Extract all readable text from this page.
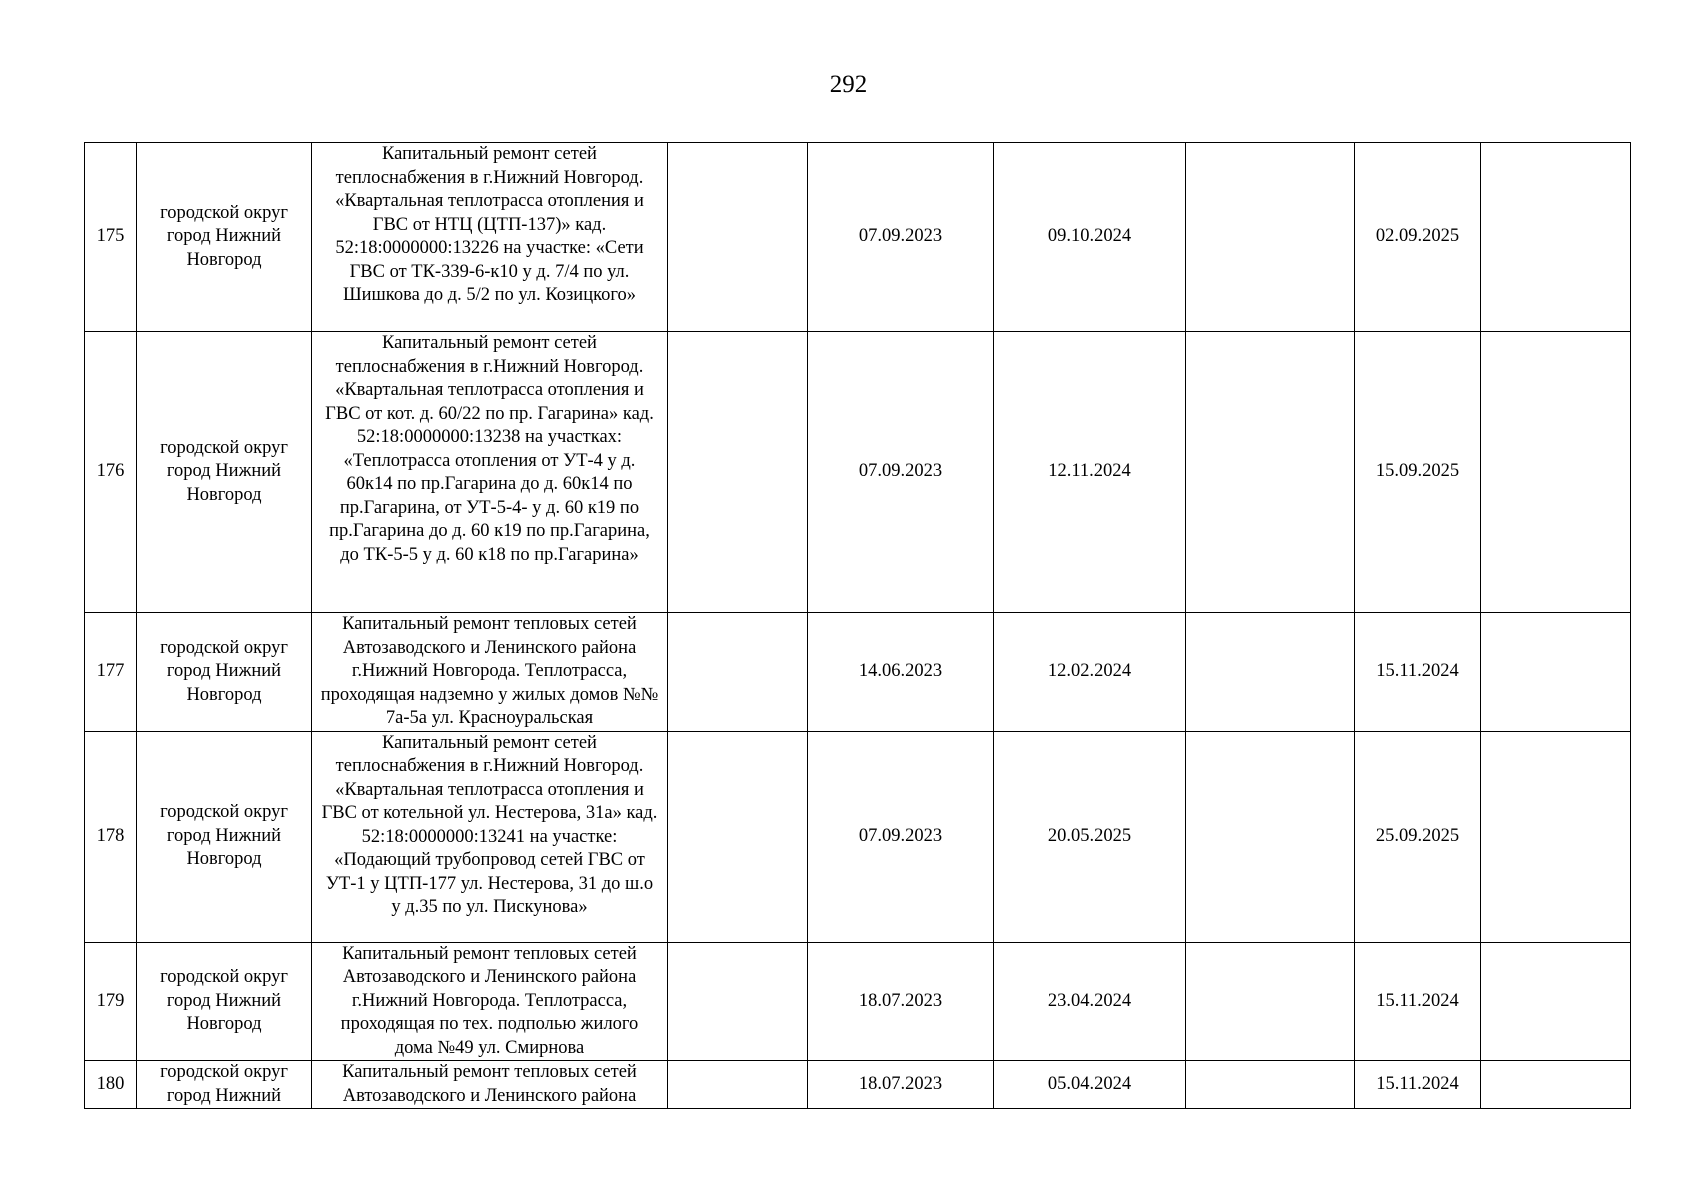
292
175	городской округ город Нижний Новгород	Капитальный ремонт сетей теплоснабжения в г.Нижний Новгород. «Квартальная теплотрасса отопления и ГВС от НТЦ (ЦТП-137)» кад. 52:18:0000000:13226 на участке: «Сети ГВС от ТК-339-6-к10 у д. 7/4 по ул. Шишкова до д. 5/2 по ул. Козицкого»		07.09.2023	09.10.2024		02.09.2025	
176	городской округ город Нижний Новгород	Капитальный ремонт сетей теплоснабжения в г.Нижний Новгород. «Квартальная теплотрасса отопления и ГВС от кот. д. 60/22 по пр. Гагарина» кад. 52:18:0000000:13238 на участках: «Теплотрасса отопления от УТ-4 у д. 60к14 по пр.Гагарина до д. 60к14 по пр.Гагарина, от УТ-5-4- у д. 60 к19 по пр.Гагарина до д. 60 к19 по пр.Гагарина, до ТК-5-5 у д. 60 к18 по пр.Гагарина»		07.09.2023	12.11.2024		15.09.2025	
177	городской округ город Нижний Новгород	Капитальный ремонт тепловых сетей Автозаводского и Ленинского района г.Нижний Новгорода. Теплотрасса, проходящая надземно у жилых домов №№ 7а-5а ул. Красноуральская		14.06.2023	12.02.2024		15.11.2024	
178	городской округ город Нижний Новгород	Капитальный ремонт сетей теплоснабжения в г.Нижний Новгород. «Квартальная теплотрасса отопления и ГВС от котельной ул. Нестерова, 31а» кад. 52:18:0000000:13241 на участке: «Подающий трубопровод сетей ГВС от УТ-1 у ЦТП-177 ул. Нестерова, 31 до ш.о у д.35 по ул. Пискунова»		07.09.2023	20.05.2025		25.09.2025	
179	городской округ город Нижний Новгород	Капитальный ремонт тепловых сетей Автозаводского и Ленинского района г.Нижний Новгорода. Теплотрасса, проходящая по тех. подполью жилого дома №49 ул. Смирнова		18.07.2023	23.04.2024		15.11.2024	
180	городской округ город Нижний	Капитальный ремонт тепловых сетей Автозаводского и Ленинского района		18.07.2023	05.04.2024		15.11.2024	
